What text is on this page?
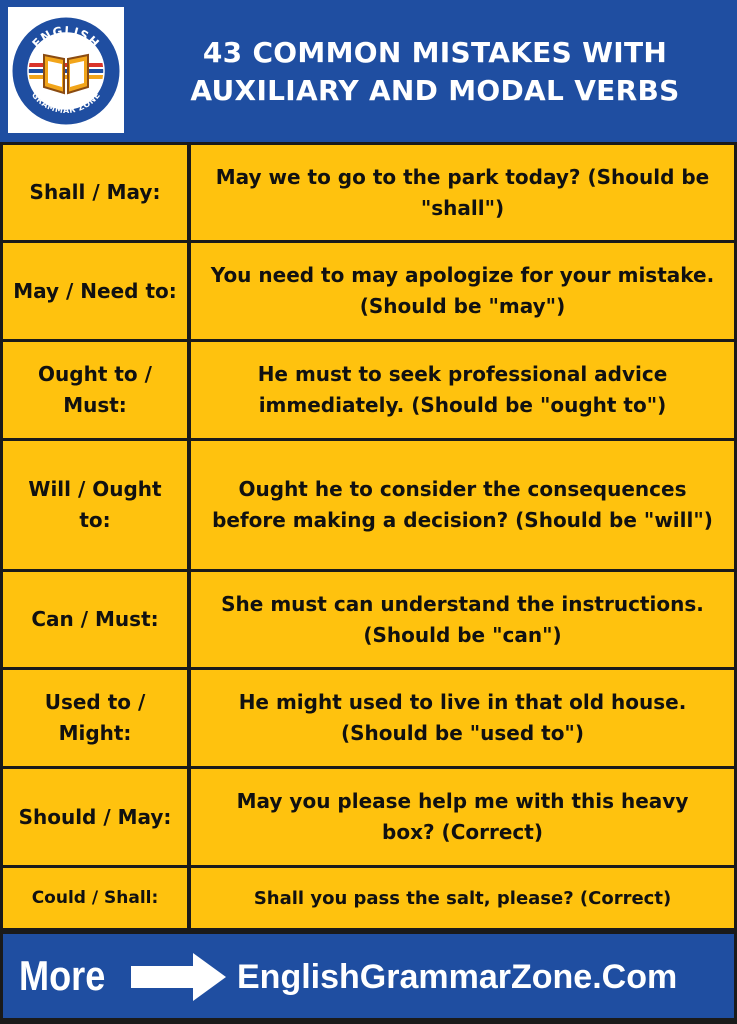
ENGLISH
GRAMMAR ZONE
43 COMMON MISTAKES WITH
AUXILIARY AND MODAL VERBS
Shall / May:
May we to go to the park today? (Should be "shall")
May / Need to:
You need to may apologize for your mistake. (Should be "may")
Ought to / Must:
He must to seek professional advice immediately. (Should be "ought to")
Will / Ought to:
Ought he to consider the consequences before making a decision? (Should be "will")
Can / Must:
She must can understand the instructions. (Should be "can")
Used to / Might:
He might used to live in that old house. (Should be "used to")
Should / May:
May you please help me with this heavy box? (Correct)
Could / Shall:	Shall you pass the salt, please? (Correct)
More	EnglishGrammarZone.Com
